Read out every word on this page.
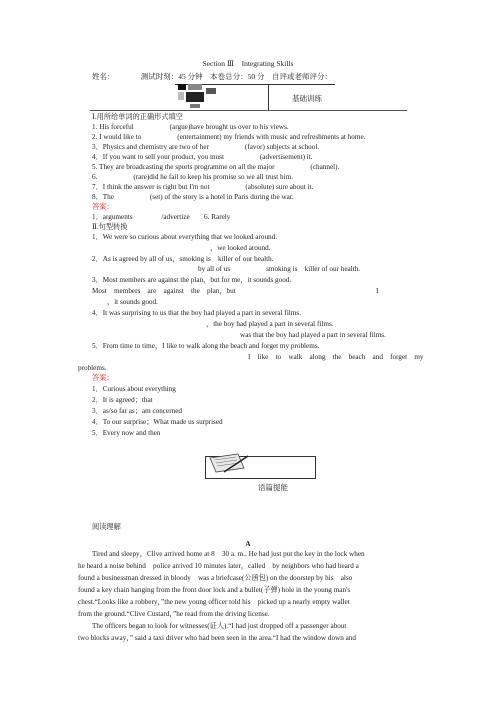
Section Ⅲ　Integrating Skills
姓名：　　　　测试时刻：45 分钟　本卷总分：50 分　自评或老师评分：
基础训练
Ⅰ.用所给单词的正确形式填空
1. His forceful　　　　　(argue)have brought us over to his views.
2. I would like to　　　　　(entertainment) my friends with music and refreshments at home.
3．Physics and chemistry are two of her　　　　　(favor) subjects at school.
4．If you want to sell your product, you must　　　　　(advertisement) it.
5. They are broadcasting the sports programme on all the major　　　　　(channel).
6.　　　　　(rare)did he fail to keep his promise so we all trust him.
7．I think the answer is right but I'm not　　　　　(absolute) sure about it.
8．The　　　　　(set) of the story is a hotel in Paris during the war.
答案：
1．arguments　　　　/advertize　　6. Rarely
Ⅱ.句型转换
1．We were so curious about everything that we looked around.
，we looked around.
2．As is agreed by all of us，smoking is　killer of our health.
by all of us　　　　　smoking is　killer of our health.
3．Most members are against the plan，but for me，it sounds good.
Most　members　are　against　the　plan，but	I
，it sounds good.
4．It was surprising to us that the boy had played a part in several films.
，the boy had played a part in several films.
was that the boy had played a part in several films.
5．From time to time，I like to walk along the beach and forget my problems.
I　like　to　walk　along　the　beach　and　forget　my
problems.
答案：
1．Curious about everything
2．It is agreed；that
3．as/so far as；am concerned
4．To our surprise；What made us surprised
5．Every now and then
语篇提能
阅读理解
A
Tired and sleepy，Clive arrived home at 8　30 a. m.. He had just put the key in the lock when
he heard a noise behind　police arrived 10 minutes later，called　by neighbors who had heard a
found a businessman dressed in bloody　was a briefcase(公函包) on the doorstep by his　also
found a key chain hanging from the front door lock and a bullet(子弹) hole in the young man's
chest.“Looks like a robbery，”the new young officer told his　picked up a nearly empty wallet
from the ground.“Clive Custard，”he read from the driving license.
The officers began to look for witnesses(证人).“I had just dropped off a passenger about
two blocks away，” said a taxi driver who had been seen in the area.“I had the window down and
